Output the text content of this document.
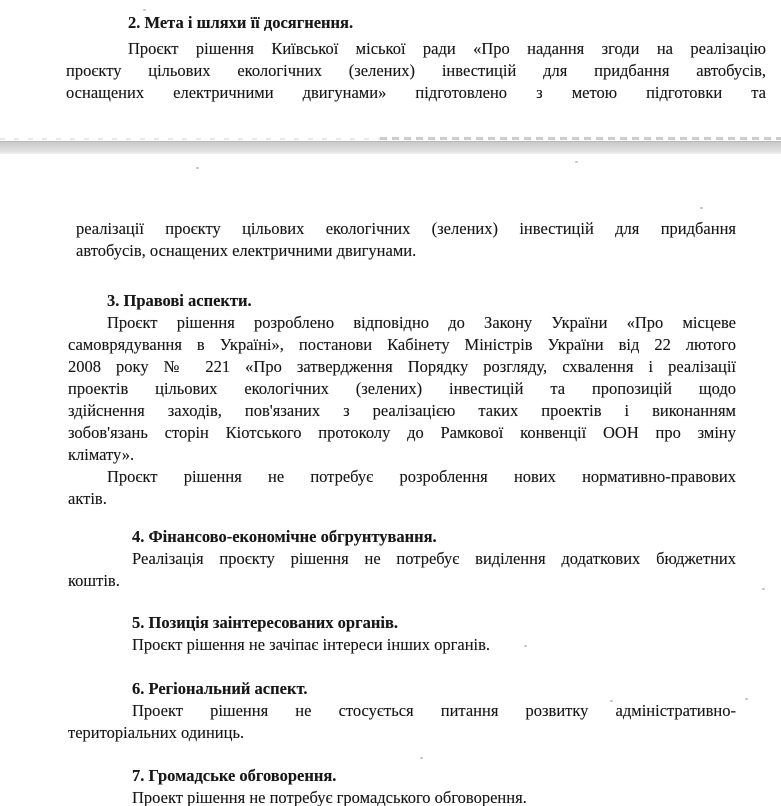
2. Мета і шляхи її досягнення.
Проєкт рішення Київської міської ради «Про надання згоди на реалізацію
проєкту цільових екологічних (зелених) інвестицій для придбання автобусів,
оснащених електричними двигунами» підготовлено з метою підготовки та
реалізації проєкту цільових екологічних (зелених) інвестицій для придбання
автобусів, оснащених електричними двигунами.
3. Правові аспекти.
Проєкт рішення розроблено відповідно до Закону України «Про місцеве
самоврядування в Україні», постанови Кабінету Міністрів України від 22 лютого
2008 року № 221 «Про затвердження Порядку розгляду, схвалення і реалізації
проектів цільових екологічних (зелених) інвестицій та пропозицій щодо
здійснення заходів, пов'язаних з реалізацією таких проектів і виконанням
зобов'язань сторін Кіотського протоколу до Рамкової конвенції ООН про зміну
клімату».
Проєкт рішення не потребує розроблення нових нормативно-правових
актів.
4. Фінансово-економічне обгрунтування.
Реалізація проєкту рішення не потребує виділення додаткових бюджетних
коштів.
5. Позиція заінтересованих органів.
Проєкт рішення не зачіпає інтереси інших органів.
6. Регіональний аспект.
Проект рішення не стосується питання розвитку адміністративно-
територіальних одиниць.
7. Громадське обговорення.
Проект рішення не потребує громадського обговорення.
